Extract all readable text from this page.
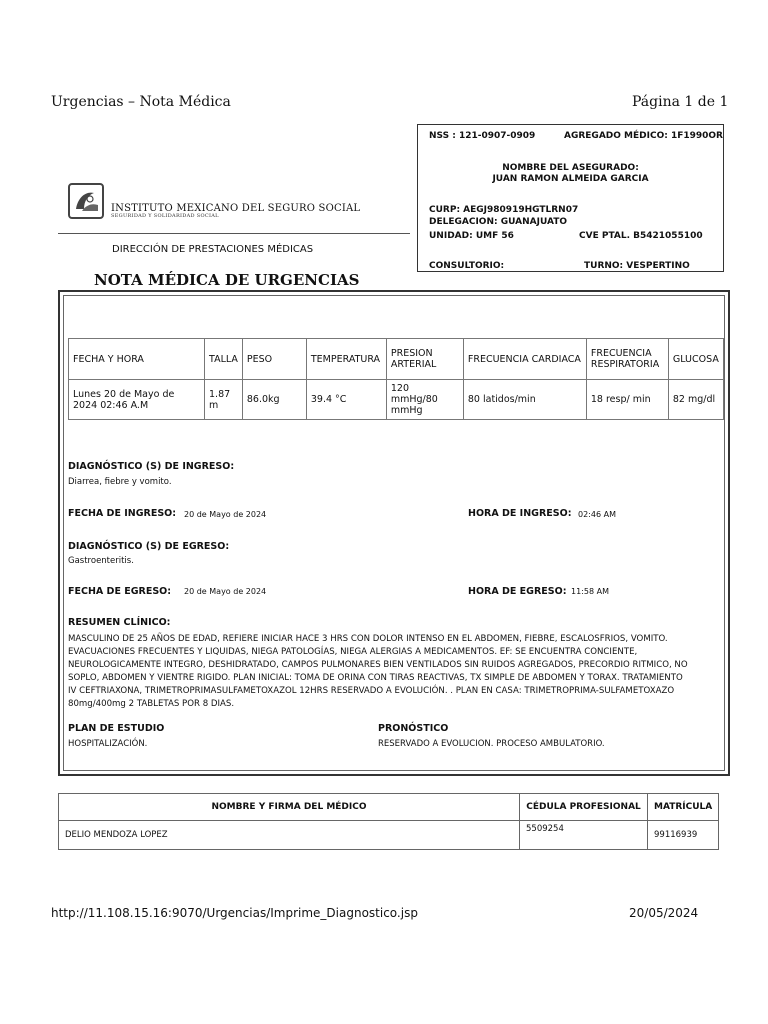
Urgencias – Nota Médica	Página 1 de 1
NSS : 121-0907-0909	AGREGADO MÉDICO: 1F1990OR
NOMBRE DEL ASEGURADO:
JUAN RAMON ALMEIDA GARCIA
CURP: AEGJ980919HGTLRN07
DELEGACION: GUANAJUATO
UNIDAD: UMF 56	CVE PTAL. B5421055100
CONSULTORIO:	TURNO: VESPERTINO
INSTITUTO MEXICANO DEL SEGURO SOCIAL
SEGURIDAD Y SOLIDARIDAD SOCIAL
DIRECCIÓN DE PRESTACIONES MÉDICAS
NOTA MÉDICA DE URGENCIAS
FECHA Y HORA	TALLA	PESO	TEMPERATURA	PRESION ARTERIAL	FRECUENCIA CARDIACA	FRECUENCIA RESPIRATORIA	GLUCOSA
Lunes 20 de Mayo de 2024 02:46 A.M	1.87 m	86.0kg	39.4 °C	120 mmHg/80 mmHg	80 latidos/min	18 resp/ min	82 mg/dl
DIAGNÓSTICO (S) DE INGRESO:
Diarrea, fiebre y vomito.
FECHA DE INGRESO: 20 de Mayo de 2024	HORA DE INGRESO: 02:46 AM
DIAGNÓSTICO (S) DE EGRESO:
Gastroenteritis.
FECHA DE EGRESO: 20 de Mayo de 2024	HORA DE EGRESO: 11:58 AM
RESUMEN CLÍNICO:
MASCULINO DE 25 AÑOS DE EDAD, REFIERE INICIAR HACE 3 HRS CON DOLOR INTENSO EN EL ABDOMEN, FIEBRE, ESCALOSFRIOS, VOMITO.
EVACUACIONES FRECUENTES Y LIQUIDAS, NIEGA PATOLOGÍAS, NIEGA ALERGIAS A MEDICAMENTOS. EF: SE ENCUENTRA CONCIENTE,
NEUROLOGICAMENTE INTEGRO, DESHIDRATADO, CAMPOS PULMONARES BIEN VENTILADOS SIN RUIDOS AGREGADOS, PRECORDIO RITMICO, NO
SOPLO, ABDOMEN Y VIENTRE RIGIDO. PLAN INICIAL: TOMA DE ORINA CON TIRAS REACTIVAS, TX SIMPLE DE ABDOMEN Y TORAX. TRATAMIENTO
IV CEFTRIAXONA, TRIMETROPRIMASULFAMETOXAZOL 12HRS RESERVADO A EVOLUCIÓN. . PLAN EN CASA: TRIMETROPRIMA-SULFAMETOXAZO
80mg/400mg 2 TABLETAS POR 8 DIAS.
PLAN DE ESTUDIO
HOSPITALIZACIÓN.
PRONÓSTICO
RESERVADO A EVOLUCION. PROCESO AMBULATORIO.
NOMBRE Y FIRMA DEL MÉDICO	CÉDULA PROFESIONAL	MATRÍCULA
DELIO MENDOZA LOPEZ	5509254	99116939
http://11.108.15.16:9070/Urgencias/Imprime_Diagnostico.jsp	20/05/2024
